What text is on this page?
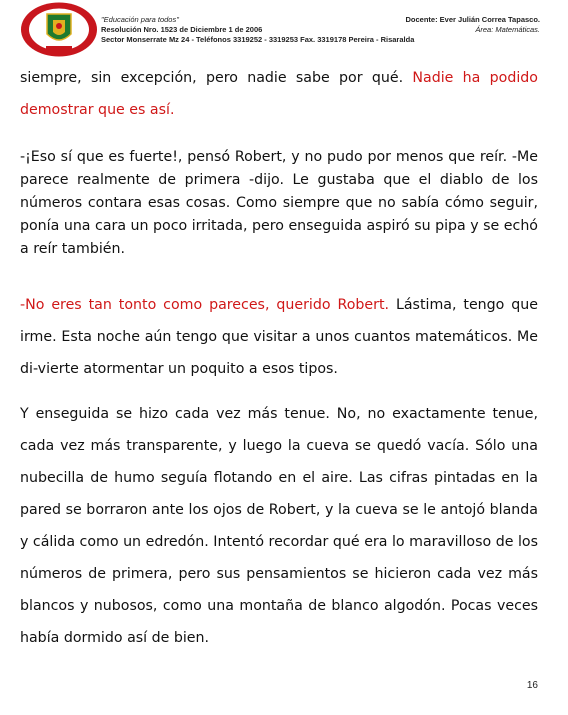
"Educación para todos"
Resolución Nro. 1523 de Diciembre 1 de 2006
Sector Monserrate Mz 24 - Teléfonos 3319252 - 3319253 Fax. 3319178 Pereira - Risaralda
Docente: Ever Julián Correa Tapasco.
Área: Matemáticas.

siempre, sin excepción, pero nadie sabe por qué. Nadie ha podido demostrar que es así.

-¡Eso sí que es fuerte!, pensó Robert, y no pudo por menos que reír. -Me parece realmente de primera -dijo. Le gustaba que el diablo de los números contara esas cosas. Como siempre que no sabía cómo seguir, ponía una cara un poco irritada, pero enseguida aspiró su pipa y se echó a reír también.

-No eres tan tonto como pareces, querido Robert. Lástima, tengo que irme. Esta noche aún tengo que visitar a unos cuantos matemáticos. Me di-vierte atormentar un poquito a esos tipos.

Y enseguida se hizo cada vez más tenue. No, no exactamente tenue, cada vez más transparente, y luego la cueva se quedó vacía. Sólo una nubecilla de humo seguía flotando en el aire. Las cifras pintadas en la pared se borraron ante los ojos de Robert, y la cueva se le antojó blanda y cálida como un edredón. Intentó recordar qué era lo maravilloso de los números de primera, pero sus pensamientos se hicieron cada vez más blancos y nubosos, como una montaña de blanco algodón. Pocas veces había dormido así de bien.

16
